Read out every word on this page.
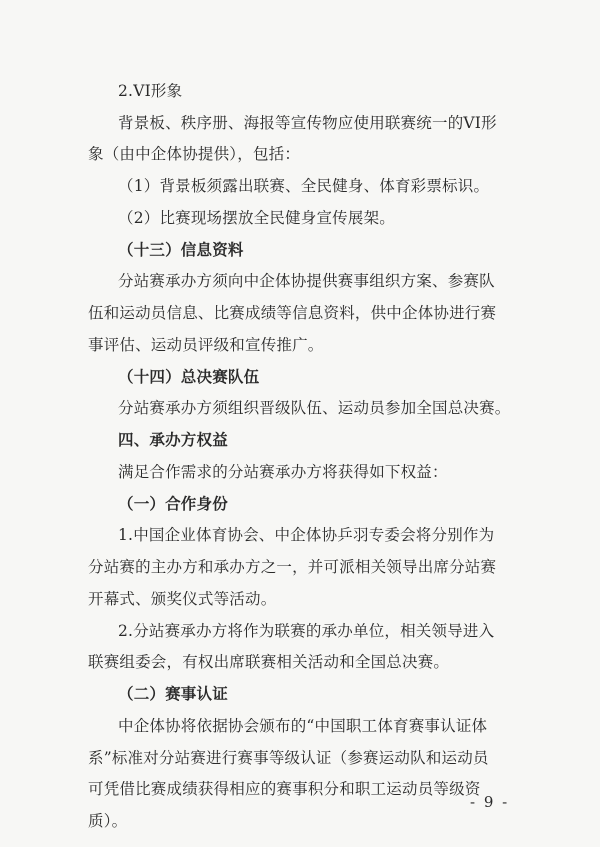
2.VI形象
背景板、秩序册、海报等宣传物应使用联赛统一的VI形
象（由中企体协提供），包括：
（1）背景板须露出联赛、全民健身、体育彩票标识。
（2）比赛现场摆放全民健身宣传展架。
（十三）信息资料
分站赛承办方须向中企体协提供赛事组织方案、参赛队
伍和运动员信息、比赛成绩等信息资料，供中企体协进行赛
事评估、运动员评级和宣传推广。
（十四）总决赛队伍
分站赛承办方须组织晋级队伍、运动员参加全国总决赛。
四、承办方权益
满足合作需求的分站赛承办方将获得如下权益：
（一）合作身份
1.中国企业体育协会、中企体协乒羽专委会将分别作为
分站赛的主办方和承办方之一，并可派相关领导出席分站赛
开幕式、颁奖仪式等活动。
2.分站赛承办方将作为联赛的承办单位，相关领导进入
联赛组委会，有权出席联赛相关活动和全国总决赛。
（二）赛事认证
中企体协将依据协会颁布的“中国职工体育赛事认证体
系”标准对分站赛进行赛事等级认证（参赛运动队和运动员
可凭借比赛成绩获得相应的赛事积分和职工运动员等级资
质）。
- 9 -
